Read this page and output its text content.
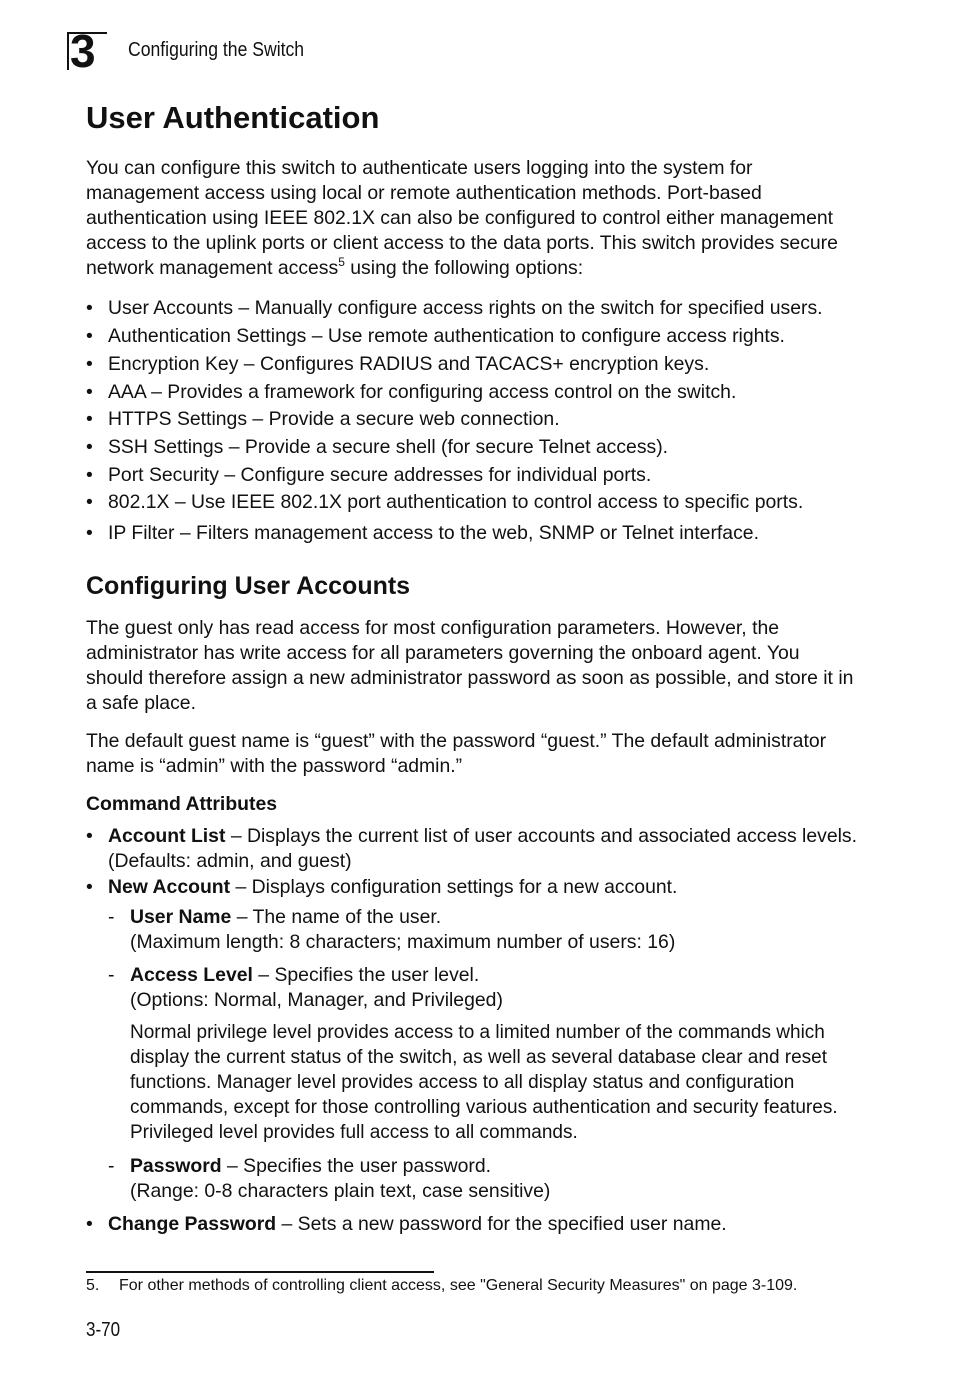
3 Configuring the Switch
User Authentication

You can configure this switch to authenticate users logging into the system for management access using local or remote authentication methods. Port-based authentication using IEEE 802.1X can also be configured to control either management access to the uplink ports or client access to the data ports. This switch provides secure network management access$^5$ using the following options:

• User Accounts – Manually configure access rights on the switch for specified users.
• Authentication Settings – Use remote authentication to configure access rights.
• Encryption Key – Configures RADIUS and TACACS+ encryption keys.
• AAA – Provides a framework for configuring access control on the switch.
• HTTPS Settings – Provide a secure web connection.
• SSH Settings – Provide a secure shell (for secure Telnet access).
• Port Security – Configure secure addresses for individual ports.
• 802.1X – Use IEEE 802.1X port authentication to control access to specific ports.
• IP Filter – Filters management access to the web, SNMP or Telnet interface.
Configuring User Accounts

The guest only has read access for most configuration parameters. However, the administrator has write access for all parameters governing the onboard agent. You should therefore assign a new administrator password as soon as possible, and store it in a safe place.

The default guest name is “guest” with the password “guest.” The default administrator name is “admin” with the password “admin.”

Command Attributes

• Account List – Displays the current list of user accounts and associated access levels. (Defaults: admin, and guest)
• New Account – Displays configuration settings for a new account.
- User Name – The name of the user.
(Maximum length: 8 characters; maximum number of users: 16)
- Access Level – Specifies the user level.
(Options: Normal, Manager, and Privileged)

Normal privilege level provides access to a limited number of the commands which display the current status of the switch, as well as several database clear and reset functions. Manager level provides access to all display status and configuration commands, except for those controlling various authentication and security features. Privileged level provides full access to all commands.

- Password – Specifies the user password.
(Range: 0-8 characters plain text, case sensitive)
• Change Password – Sets a new password for the specified user name.
5. For other methods of controlling client access, see "General Security Measures" on page 3-109.
3-70
